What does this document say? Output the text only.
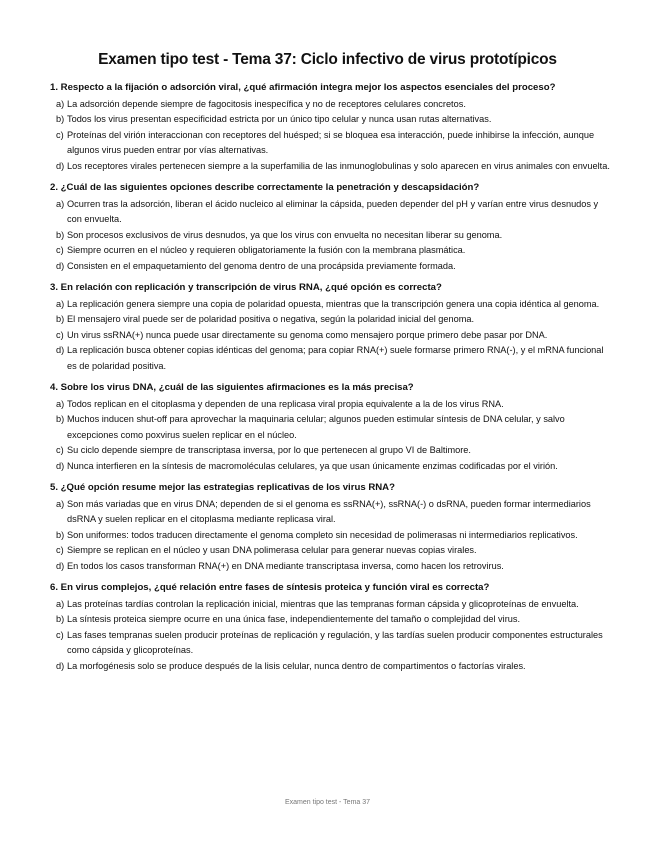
Examen tipo test - Tema 37: Ciclo infectivo de virus prototípicos
1. Respecto a la fijación o adsorción viral, ¿qué afirmación integra mejor los aspectos esenciales del proceso?
a) La adsorción depende siempre de fagocitosis inespecífica y no de receptores celulares concretos.
b) Todos los virus presentan especificidad estricta por un único tipo celular y nunca usan rutas alternativas.
c) Proteínas del virión interaccionan con receptores del huésped; si se bloquea esa interacción, puede inhibirse la infección, aunque algunos virus pueden entrar por vías alternativas.
d) Los receptores virales pertenecen siempre a la superfamilia de las inmunoglobulinas y solo aparecen en virus animales con envuelta.
2. ¿Cuál de las siguientes opciones describe correctamente la penetración y descapsidación?
a) Ocurren tras la adsorción, liberan el ácido nucleico al eliminar la cápsida, pueden depender del pH y varían entre virus desnudos y con envuelta.
b) Son procesos exclusivos de virus desnudos, ya que los virus con envuelta no necesitan liberar su genoma.
c) Siempre ocurren en el núcleo y requieren obligatoriamente la fusión con la membrana plasmática.
d) Consisten en el empaquetamiento del genoma dentro de una procápsida previamente formada.
3. En relación con replicación y transcripción de virus RNA, ¿qué opción es correcta?
a) La replicación genera siempre una copia de polaridad opuesta, mientras que la transcripción genera una copia idéntica al genoma.
b) El mensajero viral puede ser de polaridad positiva o negativa, según la polaridad inicial del genoma.
c) Un virus ssRNA(+) nunca puede usar directamente su genoma como mensajero porque primero debe pasar por DNA.
d) La replicación busca obtener copias idénticas del genoma; para copiar RNA(+) suele formarse primero RNA(-), y el mRNA funcional es de polaridad positiva.
4. Sobre los virus DNA, ¿cuál de las siguientes afirmaciones es la más precisa?
a) Todos replican en el citoplasma y dependen de una replicasa viral propia equivalente a la de los virus RNA.
b) Muchos inducen shut-off para aprovechar la maquinaria celular; algunos pueden estimular síntesis de DNA celular, y salvo excepciones como poxvirus suelen replicar en el núcleo.
c) Su ciclo depende siempre de transcriptasa inversa, por lo que pertenecen al grupo VI de Baltimore.
d) Nunca interfieren en la síntesis de macromoléculas celulares, ya que usan únicamente enzimas codificadas por el virión.
5. ¿Qué opción resume mejor las estrategias replicativas de los virus RNA?
a) Son más variadas que en virus DNA; dependen de si el genoma es ssRNA(+), ssRNA(-) o dsRNA, pueden formar intermediarios dsRNA y suelen replicar en el citoplasma mediante replicasa viral.
b) Son uniformes: todos traducen directamente el genoma completo sin necesidad de polimerasas ni intermediarios replicativos.
c) Siempre se replican en el núcleo y usan DNA polimerasa celular para generar nuevas copias virales.
d) En todos los casos transforman RNA(+) en DNA mediante transcriptasa inversa, como hacen los retrovirus.
6. En virus complejos, ¿qué relación entre fases de síntesis proteica y función viral es correcta?
a) Las proteínas tardías controlan la replicación inicial, mientras que las tempranas forman cápsida y glicoproteínas de envuelta.
b) La síntesis proteica siempre ocurre en una única fase, independientemente del tamaño o complejidad del virus.
c) Las fases tempranas suelen producir proteínas de replicación y regulación, y las tardías suelen producir componentes estructurales como cápsida y glicoproteínas.
d) La morfogénesis solo se produce después de la lisis celular, nunca dentro de compartimentos o factorías virales.
Examen tipo test - Tema 37
